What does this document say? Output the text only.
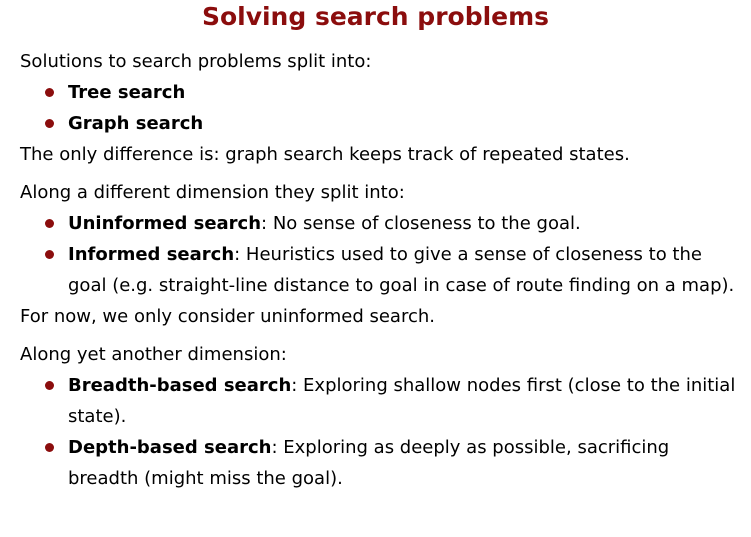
Solving search problems

Solutions to search problems split into:

Tree search
Graph search

The only difference is: graph search keeps track of repeated states.

Along a different dimension they split into:

Uninformed search: No sense of closeness to the goal.
Informed search: Heuristics used to give a sense of closeness to the goal (e.g. straight-line distance to goal in case of route finding on a map).

For now, we only consider uninformed search.

Along yet another dimension:

Breadth-based search: Exploring shallow nodes first (close to the initial state).
Depth-based search: Exploring as deeply as possible, sacrificing breadth (might miss the goal).
